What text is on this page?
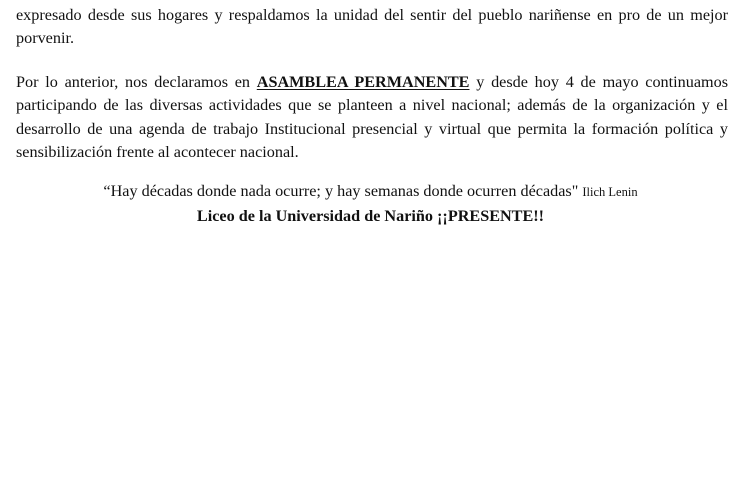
expresado desde sus hogares y respaldamos la unidad del sentir del pueblo nariñense en pro de un mejor
porvenir.

Por lo anterior, nos declaramos en ASAMBLEA PERMANENTE y desde hoy 4 de mayo continuamos
participando de las diversas actividades que se planteen a nivel nacional; además de la organización y el
desarrollo de una agenda de trabajo Institucional presencial y virtual que permita la formación política y
sensibilización frente al acontecer nacional.

“Hay décadas donde nada ocurre; y hay semanas donde ocurren décadas" Ilich Lenin

Liceo de la Universidad de Nariño ¡¡PRESENTE!!
